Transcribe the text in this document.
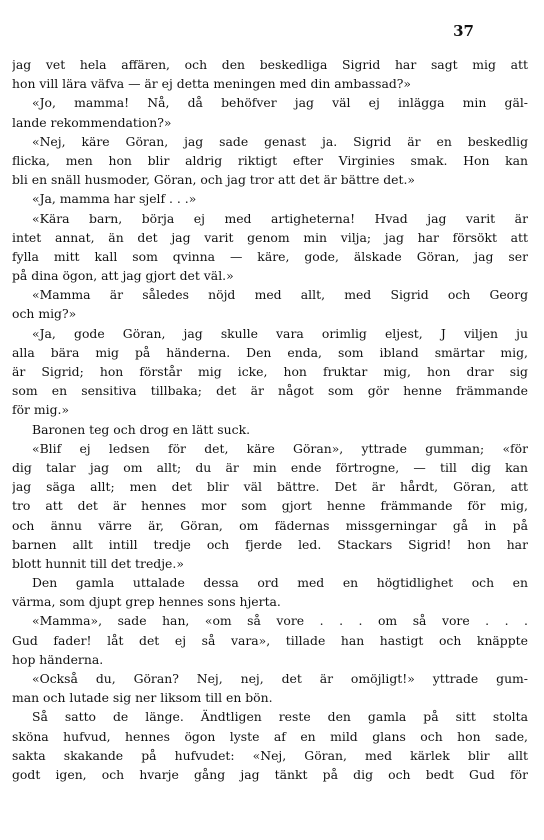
37
jag vet hela affären, och den beskedliga Sigrid har sagt mig att
hon vill lära väfva — är ej detta meningen med din ambassad?»
«Jo, mamma! Nå, då behöfver jag väl ej inlägga min gäl-
lande rekommendation?»
«Nej, käre Göran, jag sade genast ja. Sigrid är en beskedlig
flicka, men hon blir aldrig riktigt efter Virginies smak. Hon kan
bli en snäll husmoder, Göran, och jag tror att det är bättre det.»
«Ja, mamma har sjelf . . .»
«Kära barn, börja ej med artigheterna! Hvad jag varit är
intet annat, än det jag varit genom min vilja; jag har försökt att
fylla mitt kall som qvinna — käre, gode, älskade Göran, jag ser
på dina ögon, att jag gjort det väl.»
«Mamma är således nöjd med allt, med Sigrid och Georg
och mig?»
«Ja, gode Göran, jag skulle vara orimlig eljest, J viljen ju
alla bära mig på händerna. Den enda, som ibland smärtar mig,
är Sigrid; hon förstår mig icke, hon fruktar mig, hon drar sig
som en sensitiva tillbaka; det är något som gör henne främmande
för mig.»
Baronen teg och drog en lätt suck.
«Blif ej ledsen för det, käre Göran», yttrade gumman; «för
dig talar jag om allt; du är min ende förtrogne, — till dig kan
jag säga allt; men det blir väl bättre. Det är hårdt, Göran, att
tro att det är hennes mor som gjort henne främmande för mig,
och ännu värre är, Göran, om fädernas missgerningar gå in på
barnen allt intill tredje och fjerde led. Stackars Sigrid! hon har
blott hunnit till det tredje.»
Den gamla uttalade dessa ord med en högtidlighet och en
värma, som djupt grep hennes sons hjerta.
«Mamma», sade han, «om så vore . . . om så vore . . .
Gud fader! låt det ej så vara», tillade han hastigt och knäppte
hop händerna.
«Också du, Göran? Nej, nej, det är omöjligt!» yttrade gum-
man och lutade sig ner liksom till en bön.
Så satto de länge. Ändtligen reste den gamla på sitt stolta
sköna hufvud, hennes ögon lyste af en mild glans och hon sade,
sakta skakande på hufvudet: «Nej, Göran, med kärlek blir allt
godt igen, och hvarje gång jag tänkt på dig och bedt Gud för
